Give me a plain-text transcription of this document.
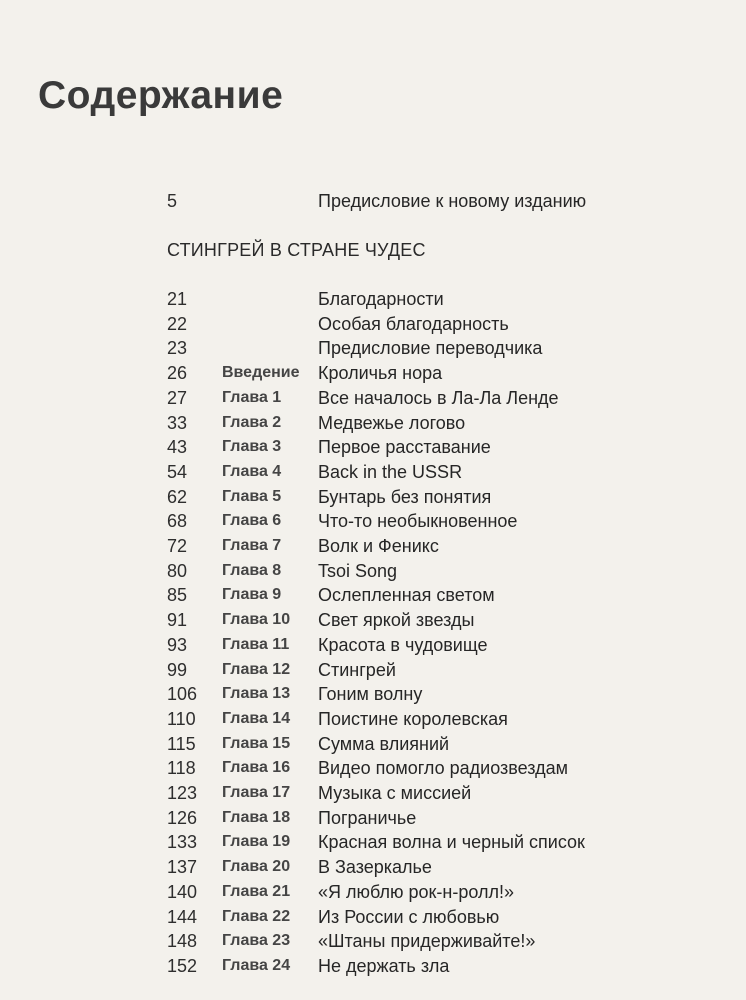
Содержание
5	Предисловие к новому изданию
СТИНГРЕЙ В СТРАНЕ ЧУДЕС
21	Благодарности
22	Особая благодарность
23	Предисловие переводчика
26 Введение Кроличья нора
27 Глава 1 Все началось в Ла-Ла Ленде
33 Глава 2 Медвежье логово
43 Глава 3 Первое расставание
54 Глава 4 Back in the USSR
62 Глава 5 Бунтарь без понятия
68 Глава 6 Что-то необыкновенное
72 Глава 7 Волк и Феникс
80 Глава 8 Tsoi Song
85 Глава 9 Ослепленная светом
91 Глава 10 Свет яркой звезды
93 Глава 11 Красота в чудовище
99 Глава 12 Стингрей
106 Глава 13 Гоним волну
110 Глава 14 Поистине королевская
115 Глава 15 Сумма влияний
118 Глава 16 Видео помогло радиозвездам
123 Глава 17 Музыка с миссией
126 Глава 18 Пограничье
133 Глава 19 Красная волна и черный список
137 Глава 20 В Зазеркалье
140 Глава 21 «Я люблю рок-н-ролл!»
144 Глава 22 Из России с любовью
148 Глава 23 «Штаны придерживайте!»
152 Глава 24 Не держать зла
